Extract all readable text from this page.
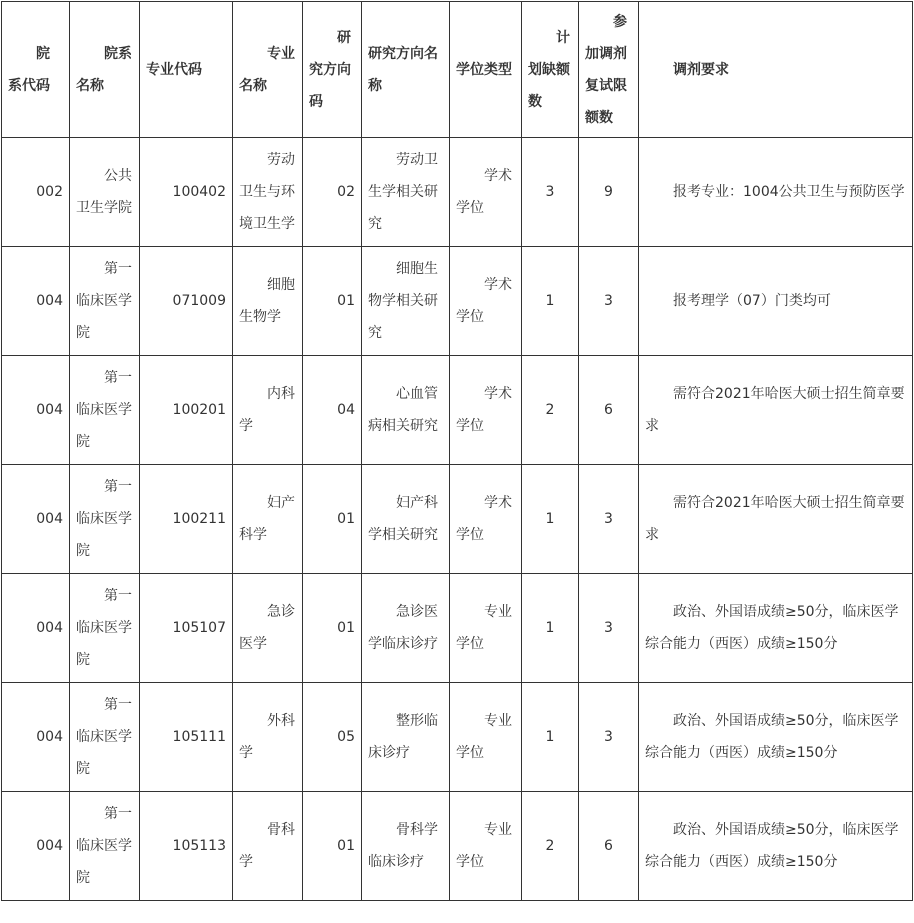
院系代码	院系名称	专业代码	专业名称	研究方向码	研究方向名称	学位类型	计划缺额数	参加调剂复试限额数	调剂要求
002	公共卫生学院	100402	劳动卫生与环境卫生学	02	劳动卫生学相关研究	学术学位	3	9	报考专业：1004公共卫生与预防医学
004	第一临床医学院	071009	细胞生物学	01	细胞生物学相关研究	学术学位	1	3	报考理学（07）门类均可
004	第一临床医学院	100201	内科学	04	心血管病相关研究	学术学位	2	6	需符合2021年哈医大硕士招生简章要求
004	第一临床医学院	100211	妇产科学	01	妇产科学相关研究	学术学位	1	3	需符合2021年哈医大硕士招生简章要求
004	第一临床医学院	105107	急诊医学	01	急诊医学临床诊疗	专业学位	1	3	政治、外国语成绩≥50分，临床医学综合能力（西医）成绩≥150分
004	第一临床医学院	105111	外科学	05	整形临床诊疗	专业学位	1	3	政治、外国语成绩≥50分，临床医学综合能力（西医）成绩≥150分
004	第一临床医学院	105113	骨科学	01	骨科学临床诊疗	专业学位	2	6	政治、外国语成绩≥50分，临床医学综合能力（西医）成绩≥150分
